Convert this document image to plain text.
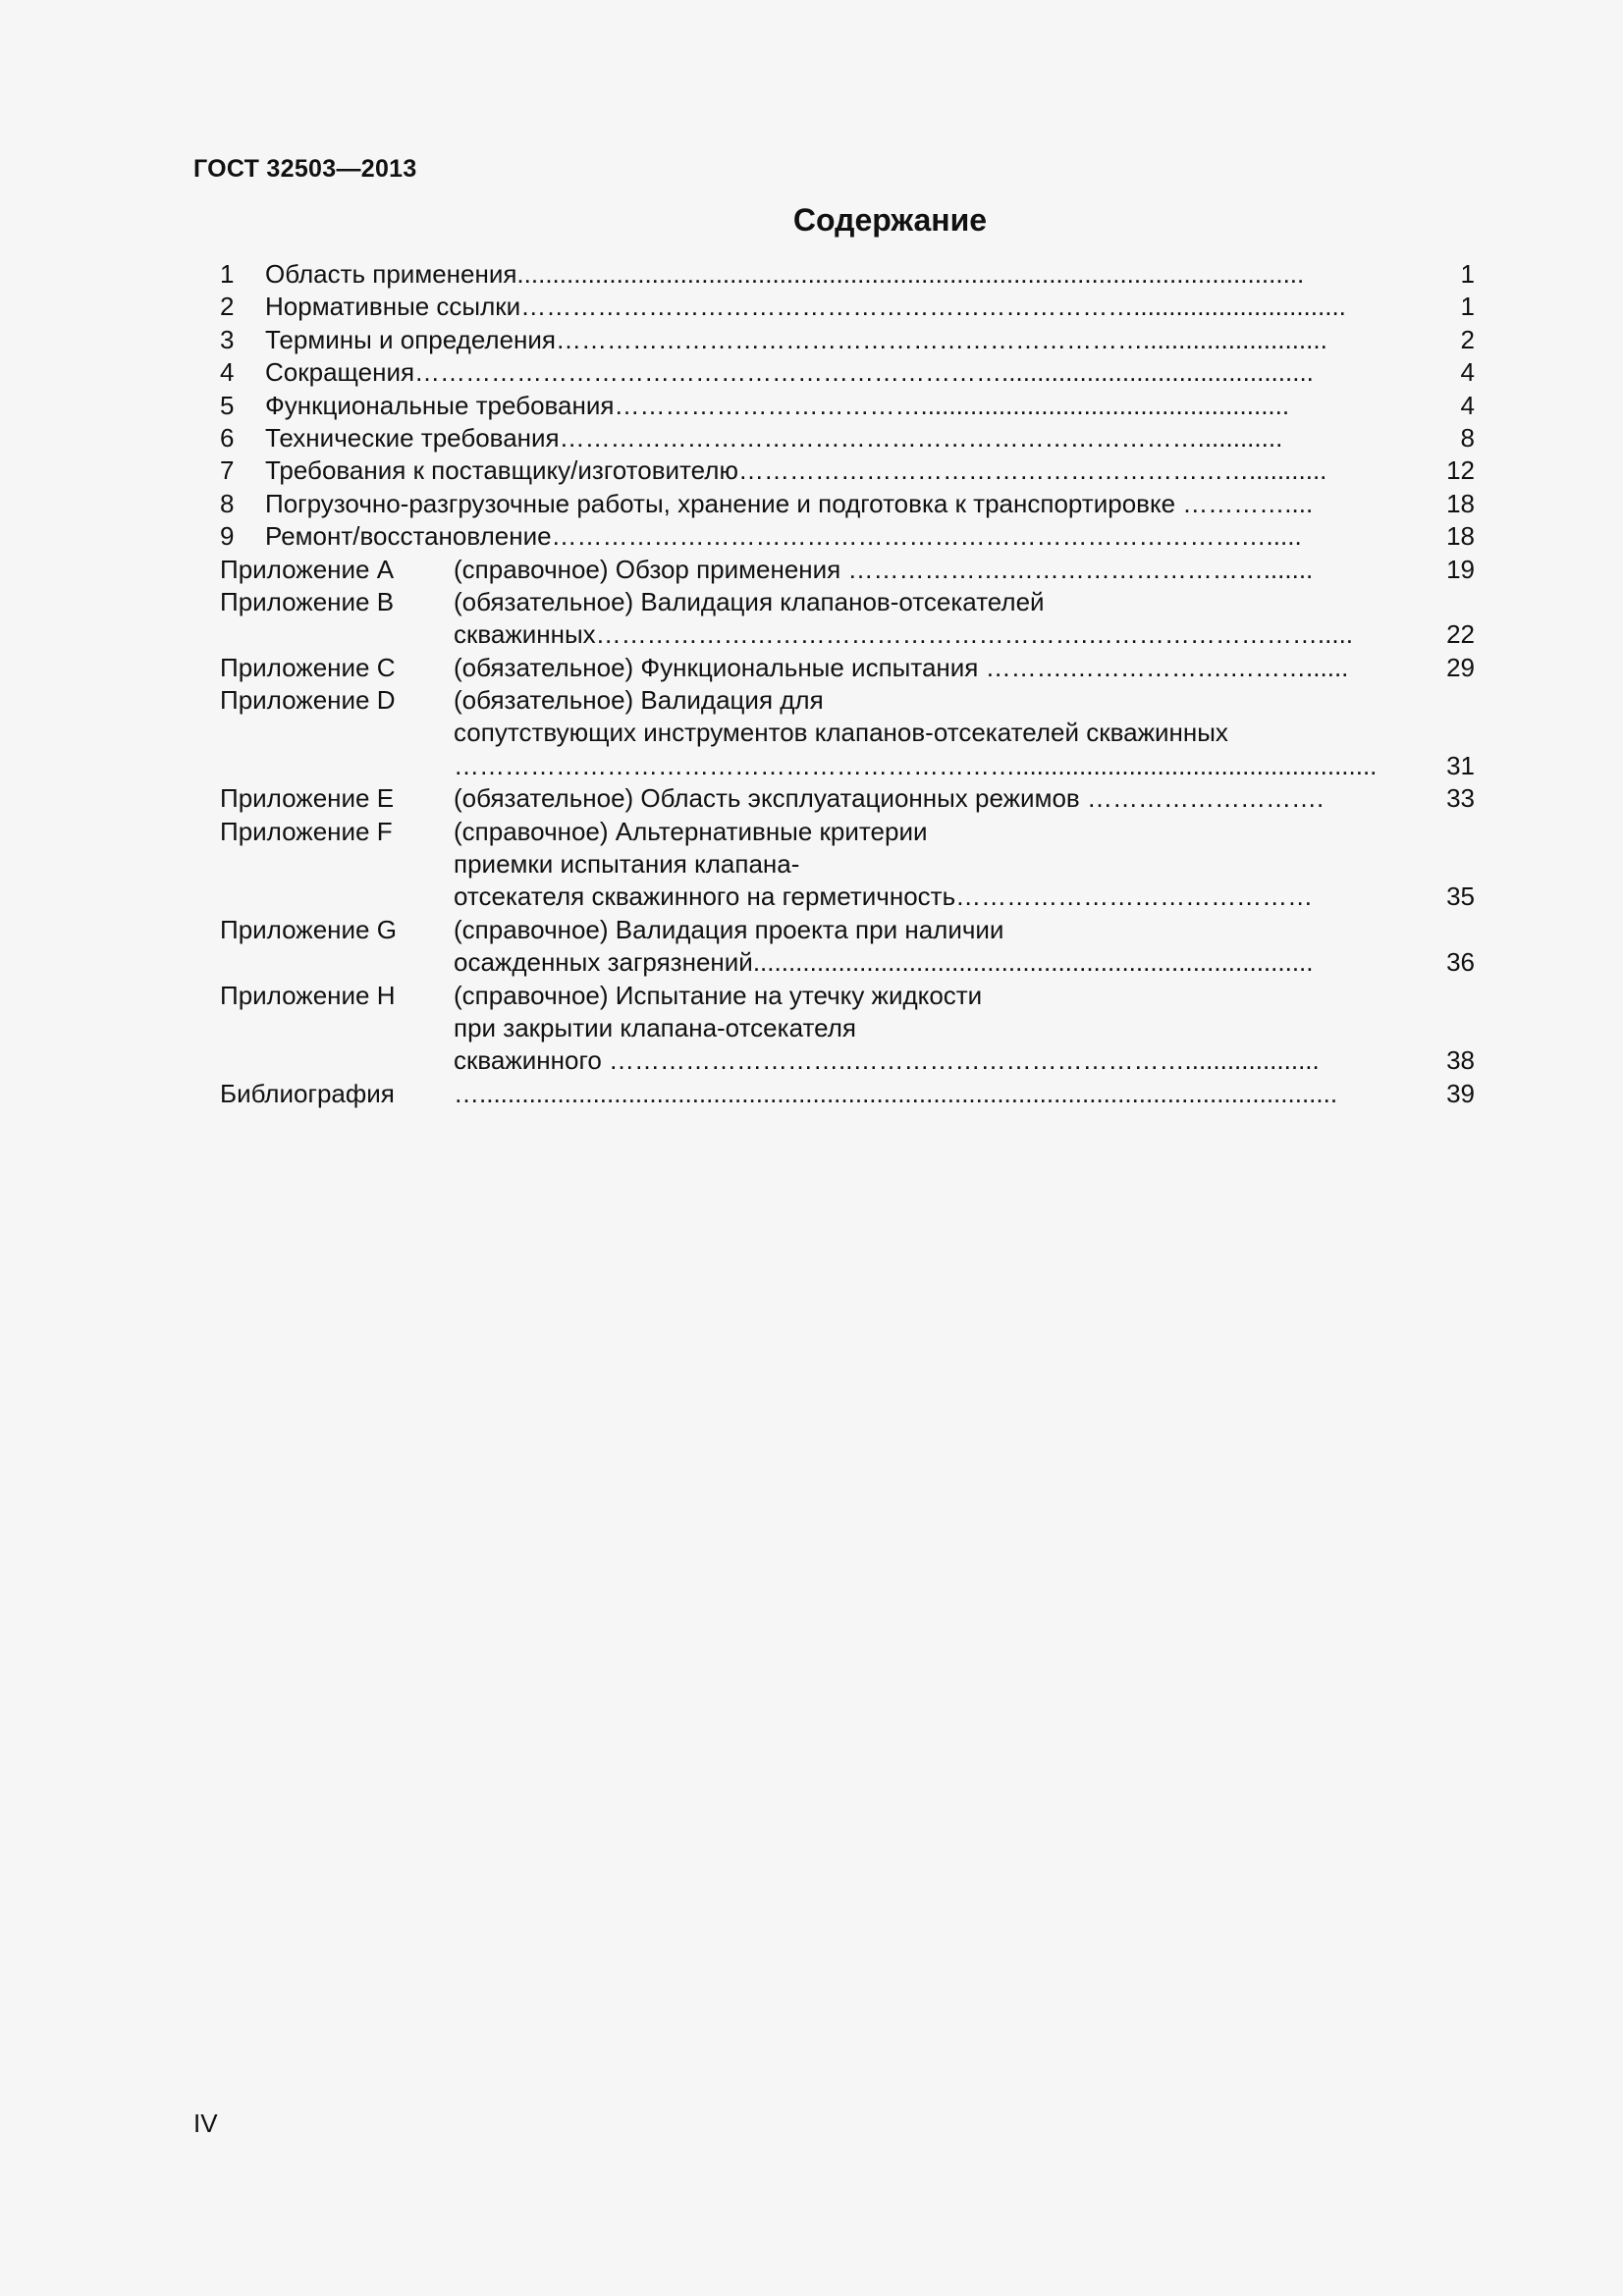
ГОСТ 32503—2013
Содержание
1 Область применения...............................................................................................................	1
2 Нормативные ссылки………………………………………………………………..............................	1
3 Термины и определения……………………………………………………………..........................	2
4 Сокращения……………………………………………………………............................................	4
5 Функциональные требования………………………………....................................................	4
6 Технические требования…………………………………………………………………............	8
7 Требования к поставщику/изготовителю……………………………………………………...........	12
8 Погрузочно-разгрузочные работы, хранение и подготовка к транспортировке …………....	18
9 Ремонт/восстановление………………………………………………………………………….....	18
Приложение А (справочное) Обзор применения ……………….………………………….......	19
Приложение В (обязательное) Валидация клапанов-отсекателей
скважинных………………………………………………….……………………….....	22
Приложение С (обязательное) Функциональные испытания ……….……………….………......	29
Приложение D (обязательное) Валидация для
сопутствующих инструментов клапанов-отсекателей скважинных
…………………………………………………………...................................................	31
Приложение Е (обязательное) Область эксплуатационных режимов ……………………….	33
Приложение F (справочное) Альтернативные критерии
приемки испытания клапана-
отсекателя скважинного на герметичность……………………………………	35
Приложение G (справочное) Валидация проекта при наличии
осажденных загрязнений...............................................................................	36
Приложение Н (справочное) Испытание на утечку жидкости
при закрытии клапана-отсекателя
скважинного ………………………..…………………………………...................	38
Библиография ….........................................................................................................................	39
IV
